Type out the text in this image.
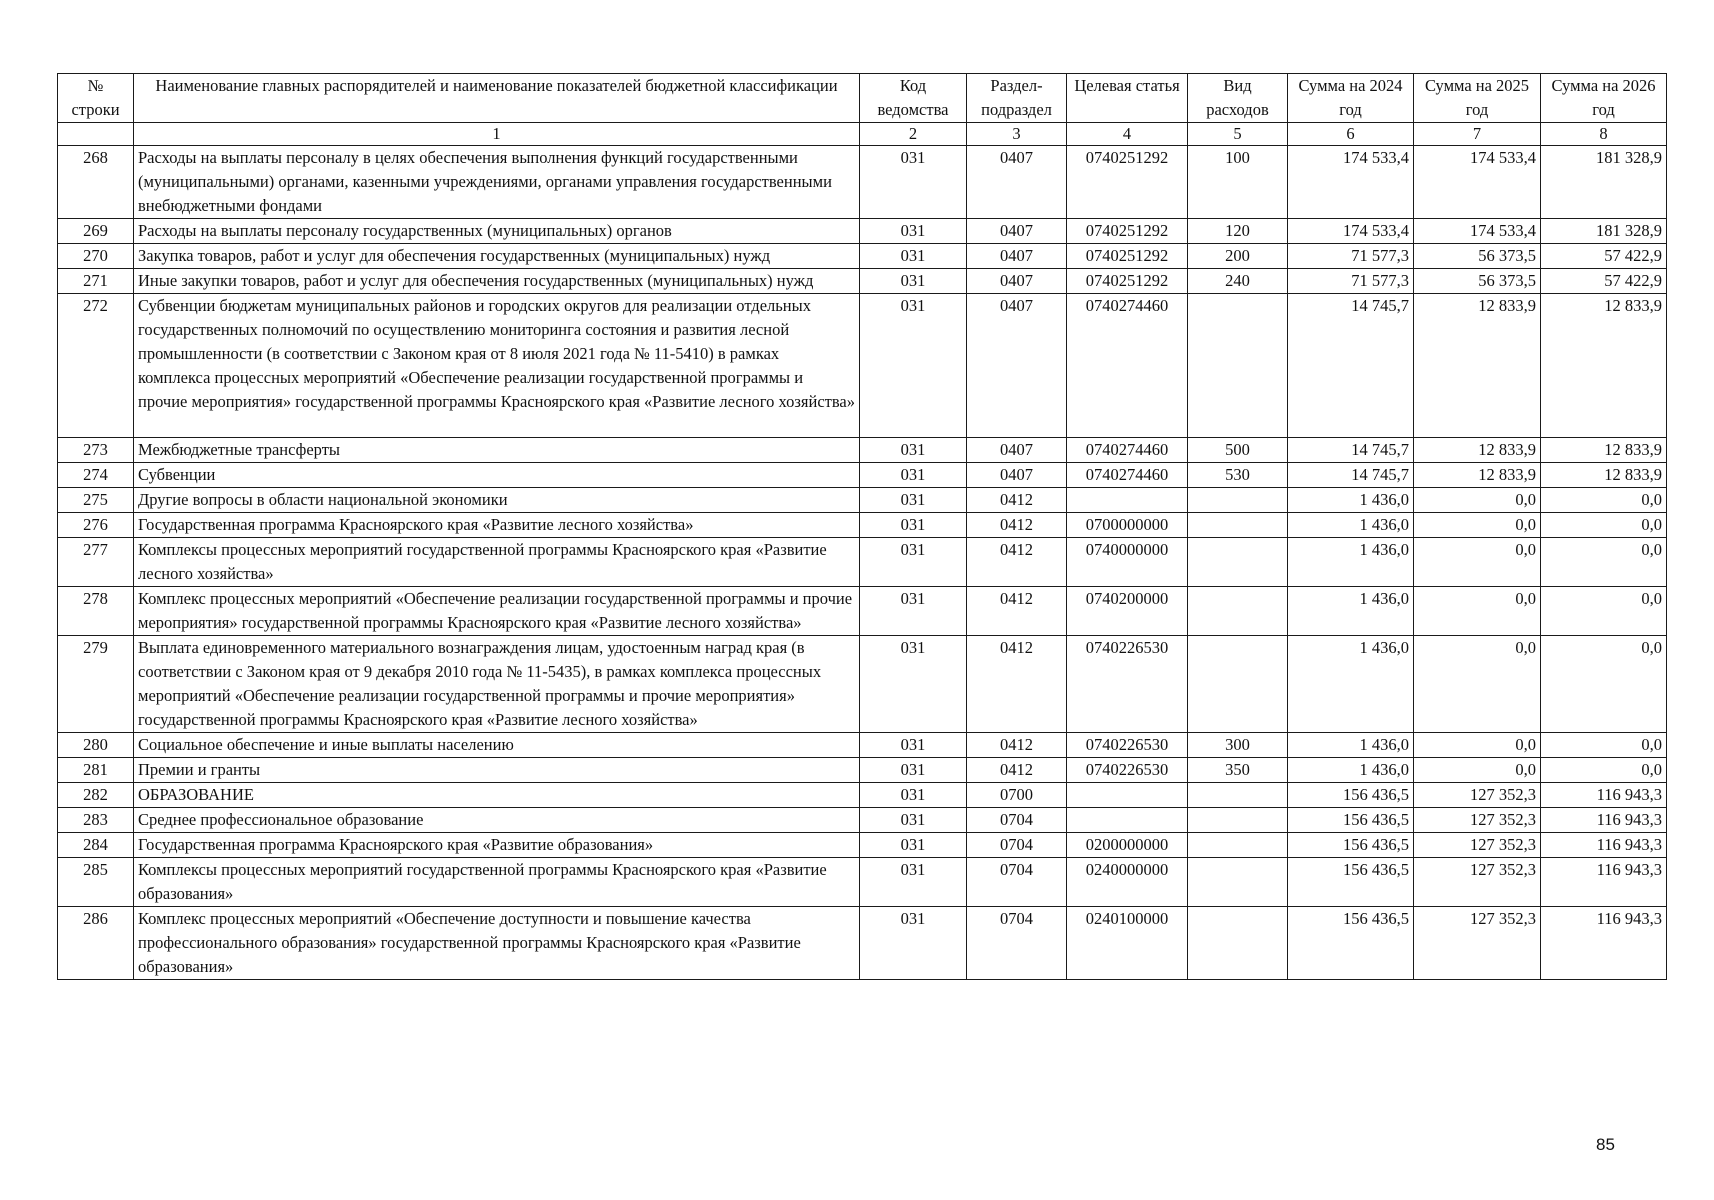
№ строки	Наименование главных распорядителей и наименование показателей бюджетной классификации	Код ведомства	Раздел-подраздел	Целевая статья	Вид расходов	Сумма на 2024 год	Сумма на 2025 год	Сумма на 2026 год
	1	2	3	4	5	6	7	8
268	Расходы на выплаты персоналу в целях обеспечения выполнения функций государственными (муниципальными) органами, казенными учреждениями, органами управления государственными внебюджетными фондами	031	0407	0740251292	100	174 533,4	174 533,4	181 328,9
269	Расходы на выплаты персоналу государственных (муниципальных) органов	031	0407	0740251292	120	174 533,4	174 533,4	181 328,9
270	Закупка товаров, работ и услуг для обеспечения государственных (муниципальных) нужд	031	0407	0740251292	200	71 577,3	56 373,5	57 422,9
271	Иные закупки товаров, работ и услуг для обеспечения государственных (муниципальных) нужд	031	0407	0740251292	240	71 577,3	56 373,5	57 422,9
272	Субвенции бюджетам муниципальных районов и городских округов для реализации отдельных государственных полномочий по осуществлению мониторинга состояния и развития лесной промышленности (в соответствии с Законом края от 8 июля 2021 года № 11-5410) в рамках комплекса процессных мероприятий «Обеспечение реализации государственной программы и прочие мероприятия» государственной программы Красноярского края «Развитие лесного хозяйства»	031	0407	0740274460		14 745,7	12 833,9	12 833,9
273	Межбюджетные трансферты	031	0407	0740274460	500	14 745,7	12 833,9	12 833,9
274	Субвенции	031	0407	0740274460	530	14 745,7	12 833,9	12 833,9
275	Другие вопросы в области национальной экономики	031	0412			1 436,0	0,0	0,0
276	Государственная программа Красноярского края «Развитие лесного хозяйства»	031	0412	0700000000		1 436,0	0,0	0,0
277	Комплексы процессных мероприятий государственной программы Красноярского края «Развитие лесного хозяйства»	031	0412	0740000000		1 436,0	0,0	0,0
278	Комплекс процессных мероприятий «Обеспечение реализации государственной программы и прочие мероприятия» государственной программы Красноярского края «Развитие лесного хозяйства»	031	0412	0740200000		1 436,0	0,0	0,0
279	Выплата единовременного материального вознаграждения лицам, удостоенным наград края (в соответствии с Законом края от 9 декабря 2010 года № 11-5435), в рамках комплекса процессных мероприятий «Обеспечение реализации государственной программы и прочие мероприятия» государственной программы Красноярского края «Развитие лесного хозяйства»	031	0412	0740226530		1 436,0	0,0	0,0
280	Социальное обеспечение и иные выплаты населению	031	0412	0740226530	300	1 436,0	0,0	0,0
281	Премии и гранты	031	0412	0740226530	350	1 436,0	0,0	0,0
282	ОБРАЗОВАНИЕ	031	0700			156 436,5	127 352,3	116 943,3
283	Среднее профессиональное образование	031	0704			156 436,5	127 352,3	116 943,3
284	Государственная программа Красноярского края «Развитие образования»	031	0704	0200000000		156 436,5	127 352,3	116 943,3
285	Комплексы процессных мероприятий государственной программы Красноярского края «Развитие образования»	031	0704	0240000000		156 436,5	127 352,3	116 943,3
286	Комплекс процессных мероприятий «Обеспечение доступности и повышение качества профессионального образования» государственной программы Красноярского края «Развитие образования»	031	0704	0240100000		156 436,5	127 352,3	116 943,3
85
